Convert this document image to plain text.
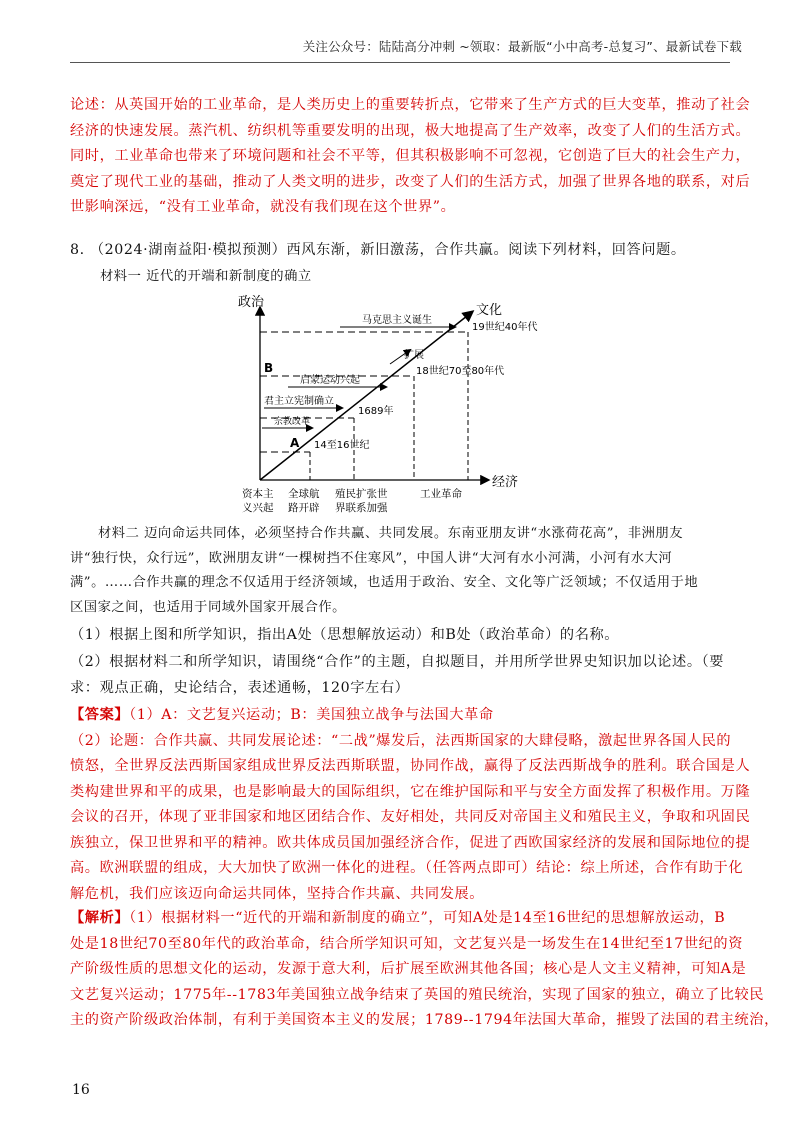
关注公众号：陆陆高分冲刺 ~领取：最新版“小中高考-总复习”、最新试卷下载
论述：从英国开始的工业革命，是人类历史上的重要转折点，它带来了生产方式的巨大变革，推动了社会
经济的快速发展。蒸汽机、纺织机等重要发明的出现，极大地提高了生产效率，改变了人们的生活方式。
同时，工业革命也带来了环境问题和社会不平等，但其积极影响不可忽视，它创造了巨大的社会生产力，
奠定了现代工业的基础，推动了人类文明的进步，改变了人们的生活方式，加强了世界各地的联系，对后
世影响深远，“没有工业革命，就没有我们现在这个世界”。
8. （2024·湖南益阳·模拟预测）西风东渐，新旧激荡，合作共赢。阅读下列材料，回答问题。
材料一 近代的开端和新制度的确立
政治
文化
经济
B
A
宗教改革
君主立宪制确立
启蒙运动兴起
扩展
马克思主义诞生
14至16世纪
1689年
18世纪70至80年代
19世纪40年代
资本主
义兴起
全球航
路开辟
殖民扩张世
界联系加强
工业革命
材料二 迈向命运共同体，必须坚持合作共赢、共同发展。东南亚朋友讲“水涨荷花高”，非洲朋友
讲“独行快，众行远”，欧洲朋友讲“一棵树挡不住寒风”，中国人讲“大河有水小河满，小河有水大河
满”。……合作共赢的理念不仅适用于经济领域，也适用于政治、安全、文化等广泛领域；不仅适用于地
区国家之间，也适用于同域外国家开展合作。
（1）根据上图和所学知识，指出A处（思想解放运动）和B处（政治革命）的名称。
（2）根据材料二和所学知识，请围绕“合作”的主题，自拟题目，并用所学世界史知识加以论述。（要
求：观点正确，史论结合，表述通畅，120字左右）
【答案】（1）A：文艺复兴运动；B：美国独立战争与法国大革命
（2）论题：合作共赢、共同发展论述：“二战”爆发后，法西斯国家的大肆侵略，激起世界各国人民的
愤怒，全世界反法西斯国家组成世界反法西斯联盟，协同作战，赢得了反法西斯战争的胜利。联合国是人
类构建世界和平的成果，也是影响最大的国际组织，它在维护国际和平与安全方面发挥了积极作用。万隆
会议的召开，体现了亚非国家和地区团结合作、友好相处，共同反对帝国主义和殖民主义，争取和巩固民
族独立，保卫世界和平的精神。欧共体成员国加强经济合作，促进了西欧国家经济的发展和国际地位的提
高。欧洲联盟的组成，大大加快了欧洲一体化的进程。（任答两点即可）结论：综上所述，合作有助于化
解危机，我们应该迈向命运共同体，坚持合作共赢、共同发展。
【解析】（1）根据材料一“近代的开端和新制度的确立”，可知A处是14至16世纪的思想解放运动，B
处是18世纪70至80年代的政治革命，结合所学知识可知，文艺复兴是一场发生在14世纪至17世纪的资
产阶级性质的思想文化的运动，发源于意大利，后扩展至欧洲其他各国；核心是人文主义精神，可知A是
文艺复兴运动；1775年--1783年美国独立战争结束了英国的殖民统治，实现了国家的独立，确立了比较民
主的资产阶级政治体制，有利于美国资本主义的发展；1789--1794年法国大革命，摧毁了法国的君主统治，
16
